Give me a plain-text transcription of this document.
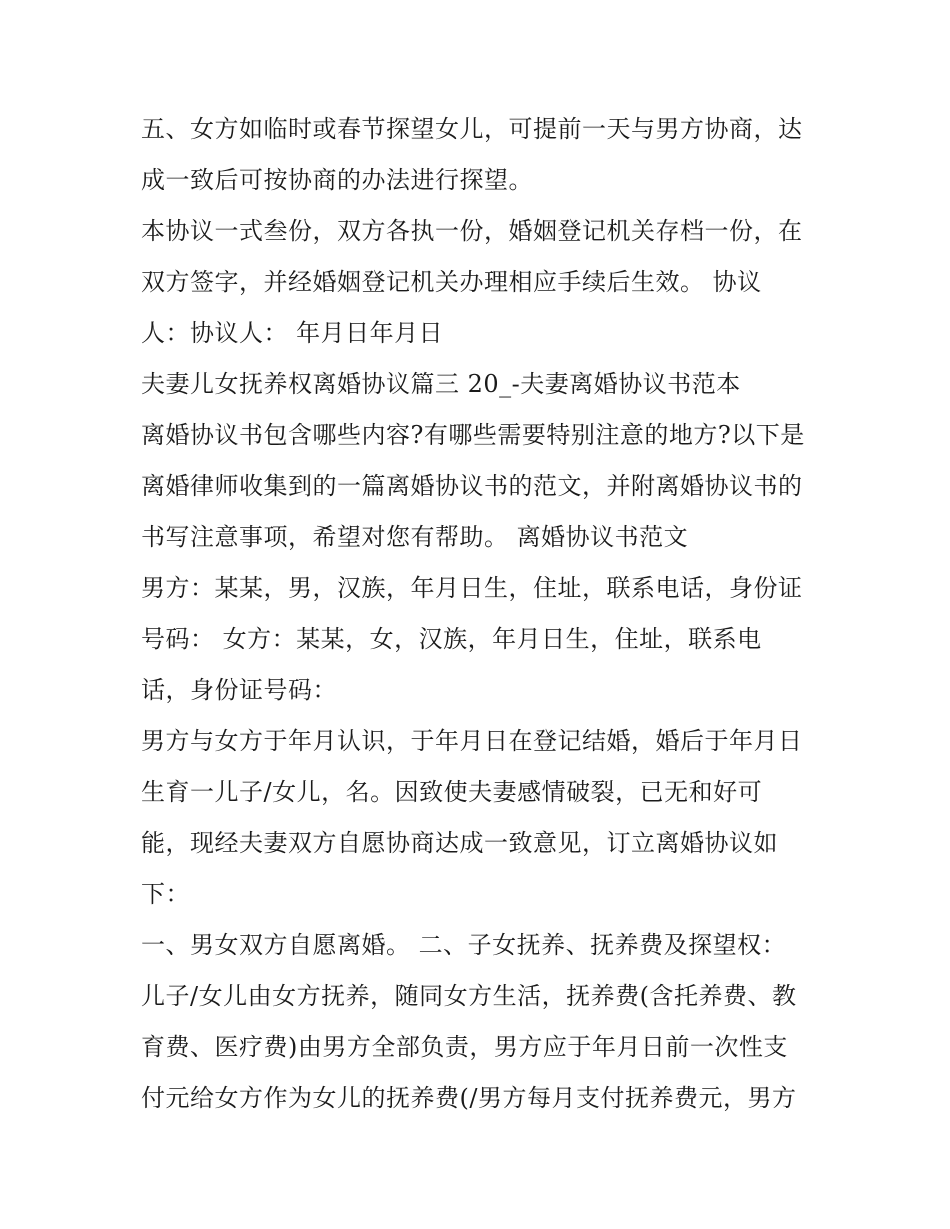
五、女方如临时或春节探望女儿，可提前一天与男方协商，达
成一致后可按协商的办法进行探望。
本协议一式叁份，双方各执一份，婚姻登记机关存档一份，在
双方签字，并经婚姻登记机关办理相应手续后生效。 协议
人：协议人： 年月日年月日
夫妻儿女抚养权离婚协议篇三 20_-夫妻离婚协议书范本
离婚协议书包含哪些内容?有哪些需要特别注意的地方?以下是
离婚律师收集到的一篇离婚协议书的范文，并附离婚协议书的
书写注意事项，希望对您有帮助。 离婚协议书范文
男方：某某，男，汉族，年月日生，住址，联系电话，身份证
号码： 女方：某某，女，汉族，年月日生，住址，联系电
话，身份证号码：
男方与女方于年月认识，于年月日在登记结婚，婚后于年月日
生育一儿子/女儿，名。因致使夫妻感情破裂，已无和好可
能，现经夫妻双方自愿协商达成一致意见，订立离婚协议如
下：
一、男女双方自愿离婚。 二、子女抚养、抚养费及探望权：
儿子/女儿由女方抚养，随同女方生活，抚养费(含托养费、教
育费、医疗费)由男方全部负责，男方应于年月日前一次性支
付元给女方作为女儿的抚养费(/男方每月支付抚养费元，男方
